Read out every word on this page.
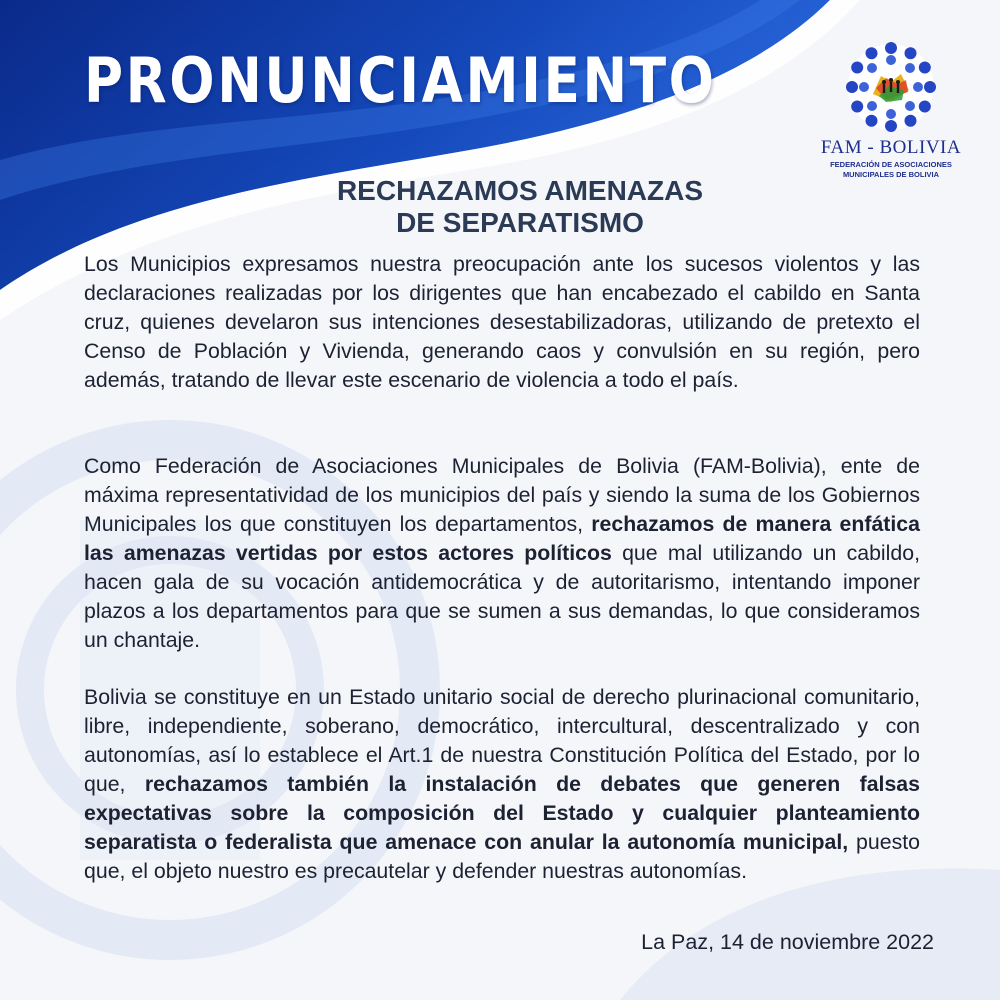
PRONUNCIAMIENTO
FAM - BOLIVIA
FEDERACIÓN DE ASOCIACIONES
MUNICIPALES DE BOLIVIA
RECHAZAMOS AMENAZAS
DE SEPARATISMO

Los Municipios expresamos nuestra preocupación ante los sucesos violentos y las declaraciones realizadas por los dirigentes que han encabezado el cabildo en Santa cruz, quienes develaron sus intenciones desestabilizadoras, utilizando de pretexto el Censo de Población y Vivienda, generando caos y convulsión en su región, pero además, tratando de llevar este escenario de violencia a todo el país.

Como Federación de Asociaciones Municipales de Bolivia (FAM-Bolivia), ente de máxima representatividad de los municipios del país y siendo la suma de los Gobiernos Municipales los que constituyen los departamentos, rechazamos de manera enfática las amenazas vertidas por estos actores políticos que mal utilizando un cabildo, hacen gala de su vocación antidemocrática y de autoritarismo, intentando imponer plazos a los departamentos para que se sumen a sus demandas, lo que consideramos un chantaje.

Bolivia se constituye en un Estado unitario social de derecho plurinacional comunitario, libre, independiente, soberano, democrático, intercultural, descentralizado y con autonomías, así lo establece el Art.1 de nuestra Constitución Política del Estado, por lo que, rechazamos también la instalación de debates que generen falsas expectativas sobre la composición del Estado y cualquier planteamiento separatista o federalista que amenace con anular la autonomía municipal, puesto que, el objeto nuestro es precautelar y defender nuestras autonomías.

La Paz, 14 de noviembre 2022
